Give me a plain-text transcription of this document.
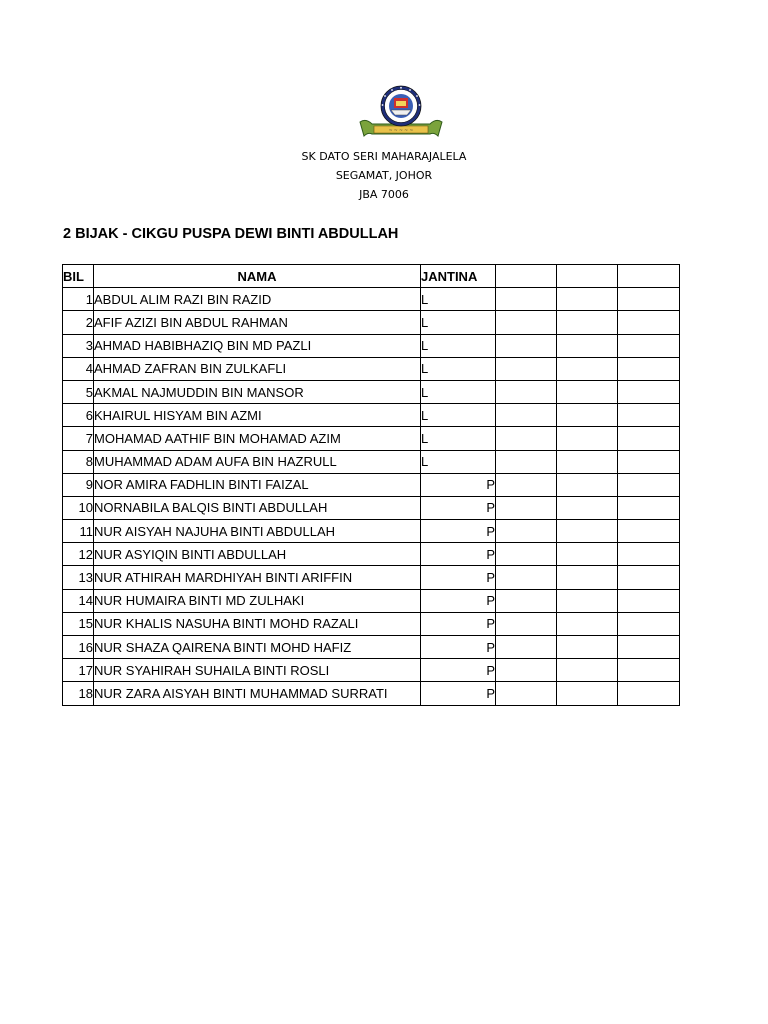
~ ~ ~ ~ ~
SK DATO SERI MAHARAJALELA
SEGAMAT, JOHOR
JBA 7006
2 BIJAK - CIKGU PUSPA DEWI BINTI ABDULLAH
BIL	NAMA	JANTINA			
1	ABDUL ALIM RAZI BIN RAZID	L			
2	AFIF AZIZI BIN ABDUL RAHMAN	L			
3	AHMAD HABIBHAZIQ BIN MD PAZLI	L			
4	AHMAD ZAFRAN BIN ZULKAFLI	L			
5	AKMAL NAJMUDDIN BIN MANSOR	L			
6	KHAIRUL HISYAM BIN AZMI	L			
7	MOHAMAD AATHIF BIN MOHAMAD AZIM	L			
8	MUHAMMAD ADAM AUFA BIN HAZRULL	L			
9	NOR AMIRA FADHLIN BINTI FAIZAL	P			
10	NORNABILA BALQIS BINTI ABDULLAH	P			
11	NUR AISYAH NAJUHA BINTI ABDULLAH	P			
12	NUR ASYIQIN BINTI ABDULLAH	P			
13	NUR ATHIRAH MARDHIYAH BINTI ARIFFIN	P			
14	NUR HUMAIRA BINTI MD ZULHAKI	P			
15	NUR KHALIS NASUHA BINTI MOHD RAZALI	P			
16	NUR SHAZA QAIRENA BINTI MOHD HAFIZ	P			
17	NUR SYAHIRAH SUHAILA BINTI ROSLI	P			
18	NUR ZARA AISYAH BINTI MUHAMMAD SURRATI	P			
